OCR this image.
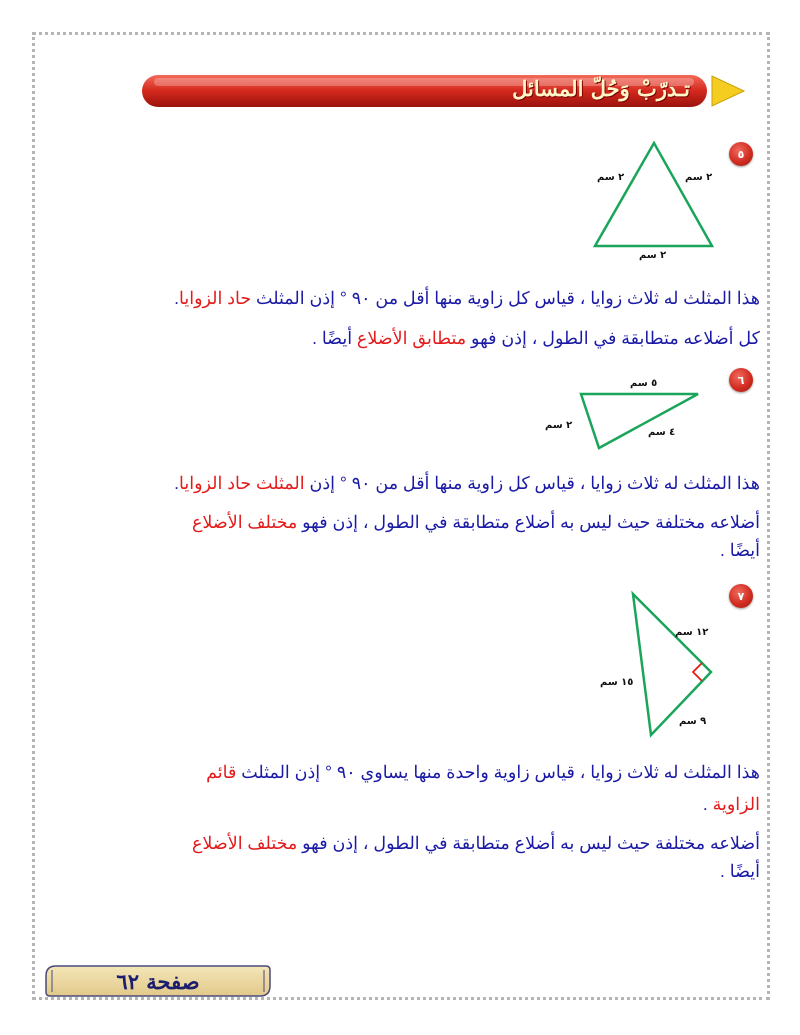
تـدرّبْ وَحُلّ المسائل
٥
٢ سم	٢ سم
٢ سم
هذا المثلث له ثلاث زوايا ، قياس كل زاوية منها أقل من ٩٠ ° إذن المثلث حاد الزوايا.
كل أضلاعه متطابقة في الطول ، إذن فهو متطابق الأضلاع أيضًا .
٦
٥ سم
٢ سم
٤ سم
هذا المثلث له ثلاث زوايا ، قياس كل زاوية منها أقل من ٩٠ ° إذن المثلث حاد الزوايا.
أضلاعه مختلفة حيث ليس به أضلاع متطابقة في الطول ، إذن فهو مختلف الأضلاع
أيضًا .
٧
١٢ سم
١٥ سم
٩ سم
هذا المثلث له ثلاث زوايا ، قياس زاوية واحدة منها يساوي ٩٠ ° إذن المثلث قائم
الزاوية .
أضلاعه مختلفة حيث ليس به أضلاع متطابقة في الطول ، إذن فهو مختلف الأضلاع
أيضًا .
صفحة ٦٢
